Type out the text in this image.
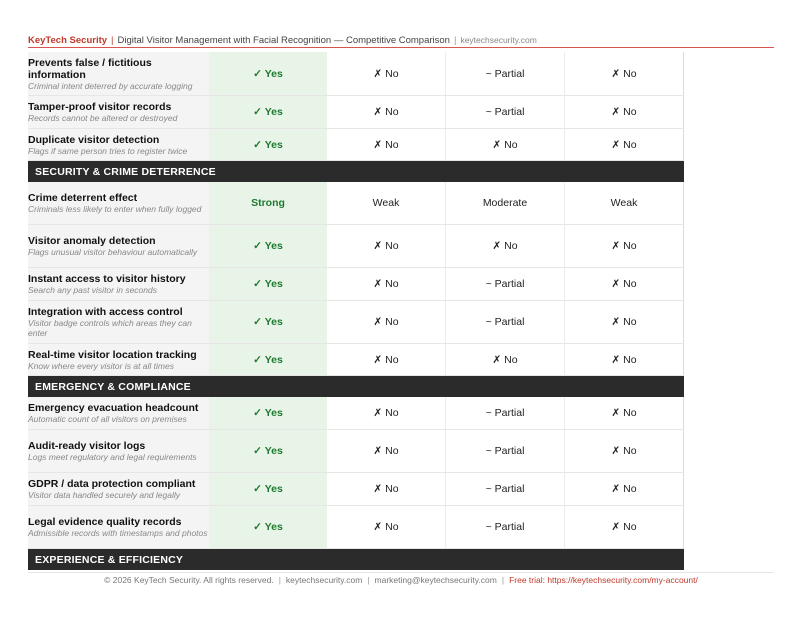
KeyTech Security | Digital Visitor Management with Facial Recognition — Competitive Comparison | keytechsecurity.com
Prevents false / fictitious information
Criminal intent deterred by accurate logging	✓ Yes	✗ No	~ Partial	✗ No

Tamper-proof visitor records
Records cannot be altered or destroyed	✓ Yes	✗ No	~ Partial	✗ No

Duplicate visitor detection
Flags if same person tries to register twice	✓ Yes	✗ No	✗ No	✗ No
SECURITY & CRIME DETERRENCE				

Crime deterrent effect
Criminals less likely to enter when fully logged	Strong	Weak	Moderate	Weak

Visitor anomaly detection
Flags unusual visitor behaviour automatically	✓ Yes	✗ No	✗ No	✗ No

Instant access to visitor history
Search any past visitor in seconds	✓ Yes	✗ No	~ Partial	✗ No

Integration with access control
Visitor badge controls which areas they can enter	✓ Yes	✗ No	~ Partial	✗ No

Real-time visitor location tracking
Know where every visitor is at all times	✓ Yes	✗ No	✗ No	✗ No
EMERGENCY & COMPLIANCE				

Emergency evacuation headcount
Automatic count of all visitors on premises	✓ Yes	✗ No	~ Partial	✗ No

Audit-ready visitor logs
Logs meet regulatory and legal requirements	✓ Yes	✗ No	~ Partial	✗ No

GDPR / data protection compliant
Visitor data handled securely and legally	✓ Yes	✗ No	~ Partial	✗ No

Legal evidence quality records
Admissible records with timestamps and photos	✓ Yes	✗ No	~ Partial	✗ No
EXPERIENCE & EFFICIENCY				
© 2026 KeyTech Security. All rights reserved. | keytechsecurity.com | marketing@keytechsecurity.com | Free trial: https://keytechsecurity.com/my-account/
